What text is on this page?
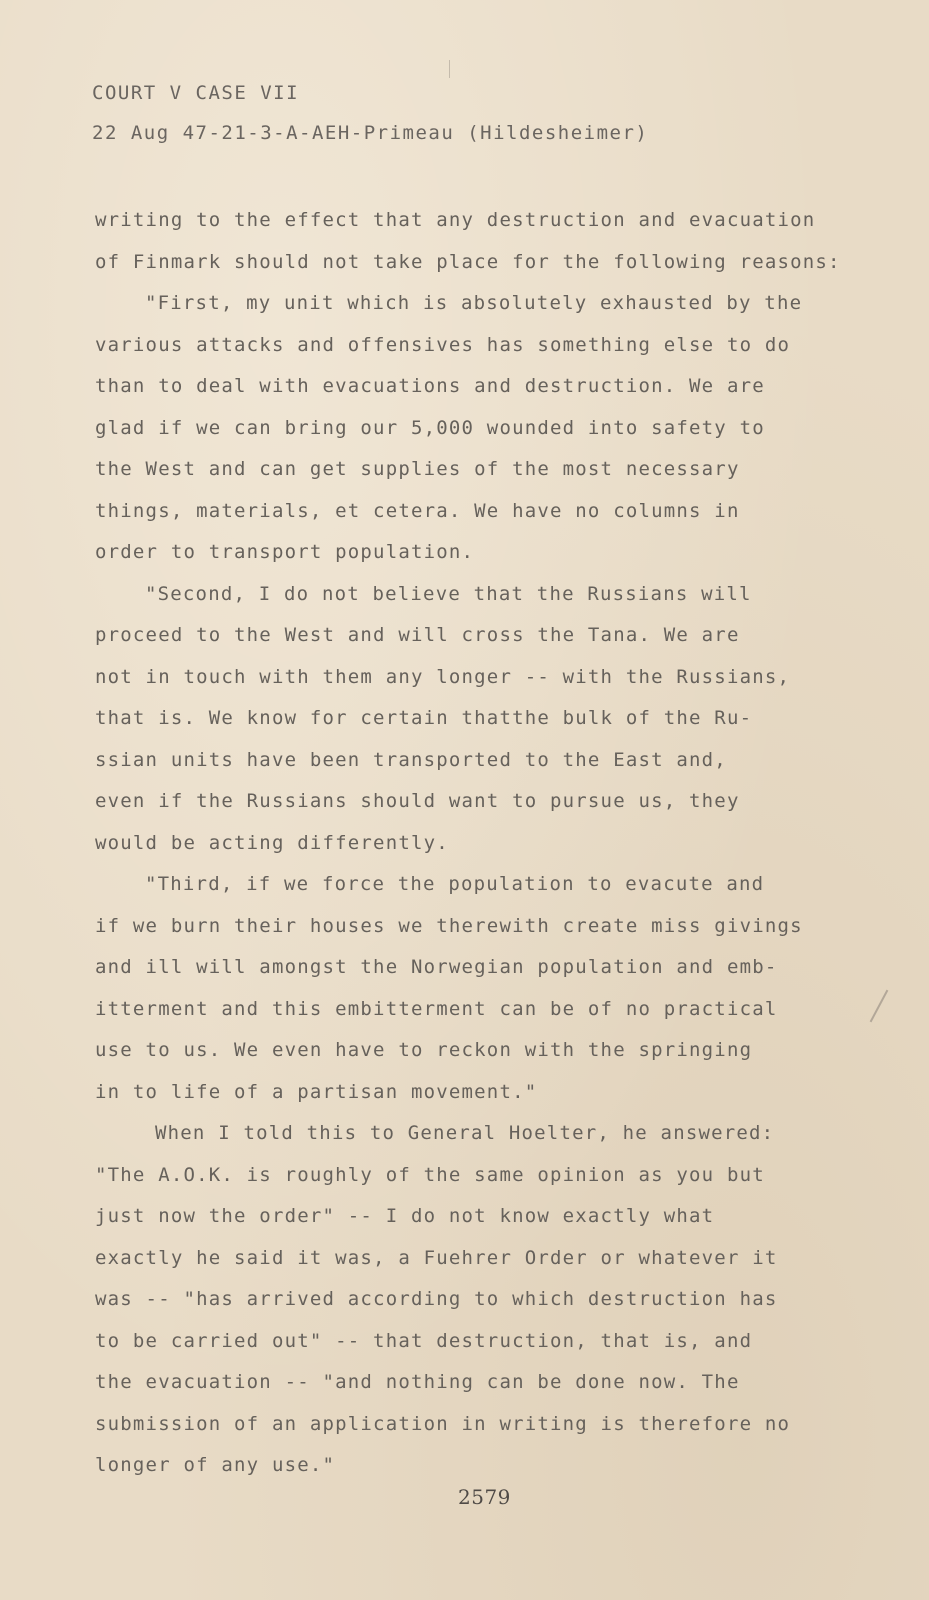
COURT V CASE VII
22 Aug 47-21-3-A-AEH-Primeau (Hildesheimer)
writing to the effect that any destruction and evacuation
of Finmark should not take place for the following reasons:
"First, my unit which is absolutely exhausted by the
various attacks and offensives has something else to do
than to deal with evacuations and destruction. We are
glad if we can bring our 5,000 wounded into safety to
the West and can get supplies of the most necessary
things, materials, et cetera. We have no columns in
order to transport population.
"Second, I do not believe that the Russians will
proceed to the West and will cross the Tana. We are
not in touch with them any longer -- with the Russians,
that is. We know for certain thatthe bulk of the Ru-
ssian units have been transported to the East and,
even if the Russians should want to pursue us, they
would be acting differently.
"Third, if we force the population to evacute and
if we burn their houses we therewith create miss givings
and ill will amongst the Norwegian population and emb-
itterment and this embitterment can be of no practical
use to us. We even have to reckon with the springing
in to life of a partisan movement."
When I told this to General Hoelter, he answered:
"The A.O.K. is roughly of the same opinion as you but
just now the order" -- I do not know exactly what
exactly he said it was, a Fuehrer Order or whatever it
was -- "has arrived according to which destruction has
to be carried out" -- that destruction, that is, and
the evacuation -- "and nothing can be done now. The
submission of an application in writing is therefore no
longer of any use."
2579
